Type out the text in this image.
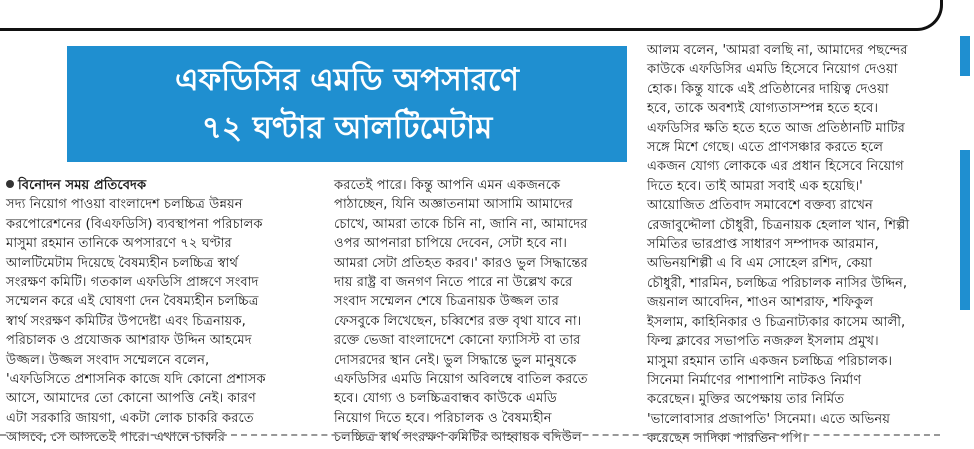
এফডিসির এমডি অপসারণে
৭২ ঘণ্টার আলটিমেটাম
বিনোদন সময় প্রতিবেদক
সদ্য নিয়োগ পাওয়া বাংলাদেশ চলচ্চিত্র উন্নয়ন
করপোরেশনের (বিএফডিসি) ব্যবস্থাপনা পরিচালক
মাসুমা রহমান তানিকে অপসারণে ৭২ ঘণ্টার
আলটিমেটাম দিয়েছে বৈষম্যহীন চলচ্চিত্র স্বার্থ
সংরক্ষণ কমিটি। গতকাল এফডিসি প্রাঙ্গণে সংবাদ
সম্মেলন করে এই ঘোষণা দেন বৈষম্যহীন চলচ্চিত্র
স্বার্থ সংরক্ষণ কমিটির উপদেষ্টা এবং চিত্রনায়ক,
পরিচালক ও প্রযোজক আশরাফ উদ্দিন আহমেদ
উজ্জল। উজ্জল সংবাদ সম্মেলনে বলেন,
'এফডিসিতে প্রশাসনিক কাজে যদি কোনো প্রশাসক
আসে, আমাদের তো কোনো আপত্তি নেই। কারণ
এটা সরকারি জায়গা, একটা লোক চাকরি করতে
আসবে, সে আসতেই পারে। এখানে চাকরি
করতেই পারে। কিন্তু আপনি এমন একজনকে
পাঠাচ্ছেন, যিনি অজ্ঞাতনামা আসামি আমাদের
চোখে, আমরা তাকে চিনি না, জানি না, আমাদের
ওপর আপনারা চাপিয়ে দেবেন, সেটা হবে না।
আমরা সেটা প্রতিহত করব।' কারও ভুল সিদ্ধান্তের
দায় রাষ্ট্র বা জনগণ নিতে পারে না উল্লেখ করে
সংবাদ সম্মেলন শেষে চিত্রনায়ক উজ্জল তার
ফেসবুকে লিখেছেন, চব্বিশের রক্ত বৃথা যাবে না।
রক্তে ভেজা বাংলাদেশে কোনো ফ্যাসিস্ট বা তার
দোসরদের স্থান নেই। ভুল সিদ্ধান্তে ভুল মানুষকে
এফডিসির এমডি নিয়োগ অবিলম্বে বাতিল করতে
হবে। যোগ্য ও চলচ্চিত্রবান্ধব কাউকে এমডি
নিয়োগ দিতে হবে। পরিচালক ও বৈষম্যহীন
চলচ্চিত্র স্বার্থ সংরক্ষণ কমিটির আহ্বায়ক বদিউল
আলম বলেন, 'আমরা বলছি না, আমাদের পছন্দের
কাউকে এফডিসির এমডি হিসেবে নিয়োগ দেওয়া
হোক। কিন্তু যাকে এই প্রতিষ্ঠানের দায়িত্ব দেওয়া
হবে, তাকে অবশ্যই যোগ্যতাসম্পন্ন হতে হবে।
এফডিসির ক্ষতি হতে হতে আজ প্রতিষ্ঠানটি মাটির
সঙ্গে মিশে গেছে। এতে প্রাণসঞ্চার করতে হলে
একজন যোগ্য লোককে এর প্রধান হিসেবে নিয়োগ
দিতে হবে। তাই আমরা সবাই এক হয়েছি।'
আয়োজিত প্রতিবাদ সমাবেশে বক্তব্য রাখেন
রেজাবুদ্দৌলা চৌধুরী, চিত্রনায়ক হেলাল খান, শিল্পী
সমিতির ভারপ্রাপ্ত সাধারণ সম্পাদক আরমান,
অভিনয়শিল্পী এ বি এম সোহেল রশিদ, কেয়া
চৌধুরী, শারমিন, চলচ্চিত্র পরিচালক নাসির উদ্দিন,
জয়নাল আবেদিন, শাওন আশরাফ, শফিকুল
ইসলাম, কাহিনিকার ও চিত্রনাট্যকার কাসেম আলী,
ফিল্ম ক্লাবের সভাপতি নজরুল ইসলাম প্রমুখ।
মাসুমা রহমান তানি একজন চলচ্চিত্র পরিচালক।
সিনেমা নির্মাণের পাশাপাশি নাটকও নির্মাণ
করেছেন। মুক্তির অপেক্ষায় তার নির্মিত
'ভালোবাসার প্রজাপতি' সিনেমা। এতে অভিনয়
করেছেন সাদিকা পারভিন পপি।
